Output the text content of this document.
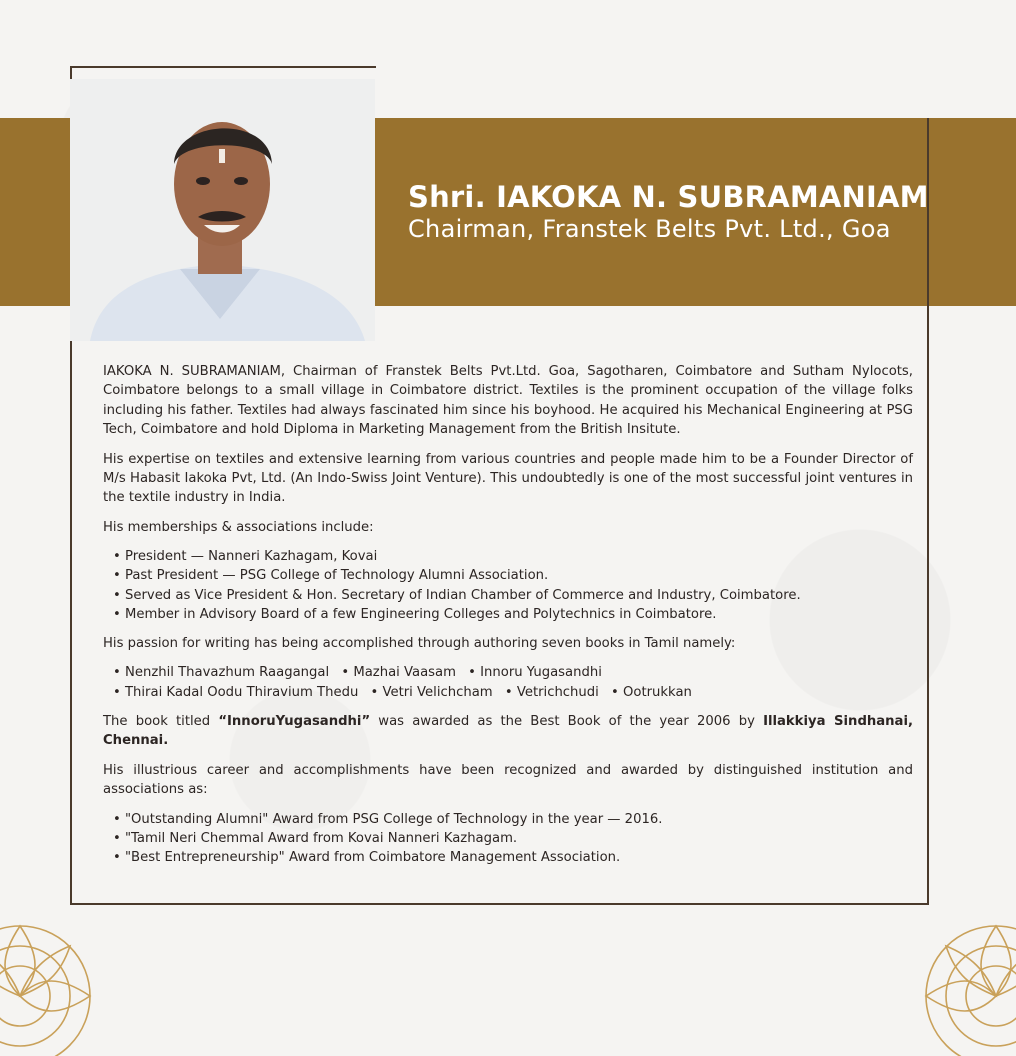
Shri. IAKOKA N. SUBRAMANIAM

Chairman, Franstek Belts Pvt. Ltd., Goa

IAKOKA N. SUBRAMANIAM, Chairman of Franstek Belts Pvt.Ltd. Goa, Sagotharen, Coimbatore and Sutham Nylocots, Coimbatore belongs to a small village in Coimbatore district. Textiles is the prominent occupation of the village folks including his father. Textiles had always fascinated him since his boyhood. He acquired his Mechanical Engineering at PSG Tech, Coimbatore and hold Diploma in Marketing Management from the British Insitute.

His expertise on textiles and extensive learning from various countries and people made him to be a Founder Director of M/s Habasit Iakoka Pvt, Ltd. (An Indo-Swiss Joint Venture). This undoubtedly is one of the most successful joint ventures in the textile industry in India.

His memberships & associations include:

• President — Nanneri Kazhagam, Kovai
• Past President — PSG College of Technology Alumni Association.
• Served as Vice President & Hon. Secretary of Indian Chamber of Commerce and Industry, Coimbatore.
• Member in Advisory Board of a few Engineering Colleges and Polytechnics in Coimbatore.

His passion for writing has being accomplished through authoring seven books in Tamil namely:

• Nenzhil Thavazhum Raagangal • Mazhai Vaasam • Innoru Yugasandhi
• Thirai Kadal Oodu Thiravium Thedu • Vetri Velichcham • Vetrichchudi • Ootrukkan

The book titled “InnoruYugasandhi” was awarded as the Best Book of the year 2006 by Illakkiya Sindhanai, Chennai.

His illustrious career and accomplishments have been recognized and awarded by distinguished institution and associations as:

• "Outstanding Alumni" Award from PSG College of Technology in the year — 2016.
• "Tamil Neri Chemmal Award from Kovai Nanneri Kazhagam.
• "Best Entrepreneurship" Award from Coimbatore Management Association.
